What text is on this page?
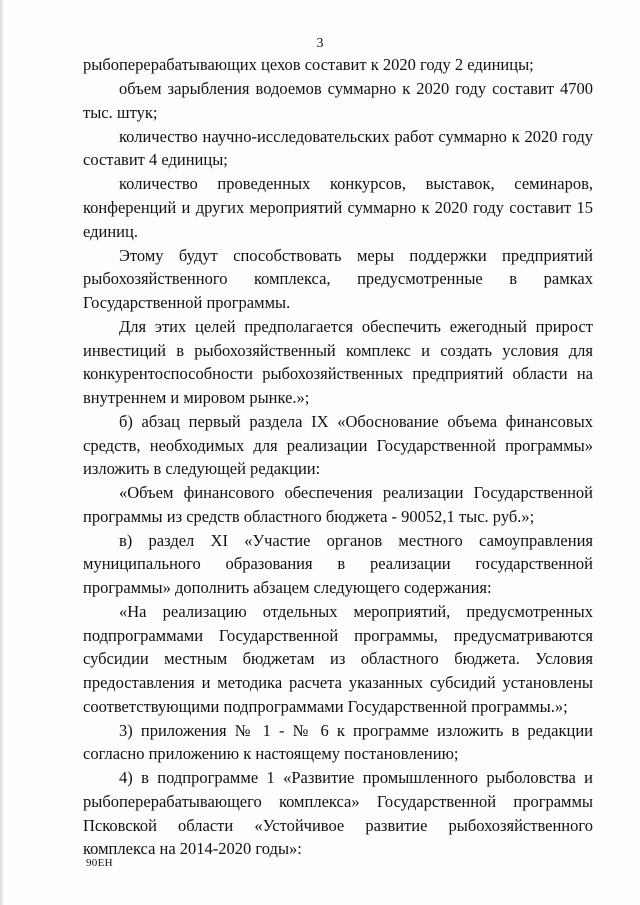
3

рыбоперерабатывающих цехов составит к 2020 году 2 единицы;

объем зарыбления водоемов суммарно к 2020 году составит 4700 тыс. штук;

количество научно-исследовательских работ суммарно к 2020 году составит 4 единицы;

количество проведенных конкурсов, выставок, семинаров, конференций и других мероприятий суммарно к 2020 году составит 15 единиц.

Этому будут способствовать меры поддержки предприятий рыбохозяйственного комплекса, предусмотренные в рамках Государственной программы.

Для этих целей предполагается обеспечить ежегодный прирост инвестиций в рыбохозяйственный комплекс и создать условия для конкурентоспособности рыбохозяйственных предприятий области на внутреннем и мировом рынке.»;

б) абзац первый раздела IX «Обоснование объема финансовых средств, необходимых для реализации Государственной программы» изложить в следующей редакции:

«Объем финансового обеспечения реализации Государственной программы из средств областного бюджета - 90052,1 тыс. руб.»;

в) раздел XI «Участие органов местного самоуправления муниципального образования в реализации государственной программы» дополнить абзацем следующего содержания:

«На реализацию отдельных мероприятий, предусмотренных подпрограммами Государственной программы, предусматриваются субсидии местным бюджетам из областного бюджета. Условия предоставления и методика расчета указанных субсидий установлены соответствующими подпрограммами Государственной программы.»;

3) приложения № 1 - № 6 к программе изложить в редакции согласно приложению к настоящему постановлению;

4) в подпрограмме 1 «Развитие промышленного рыболовства и рыбоперерабатывающего комплекса» Государственной программы Псковской области «Устойчивое развитие рыбохозяйственного комплекса на 2014-2020 годы»:

90ЕН
